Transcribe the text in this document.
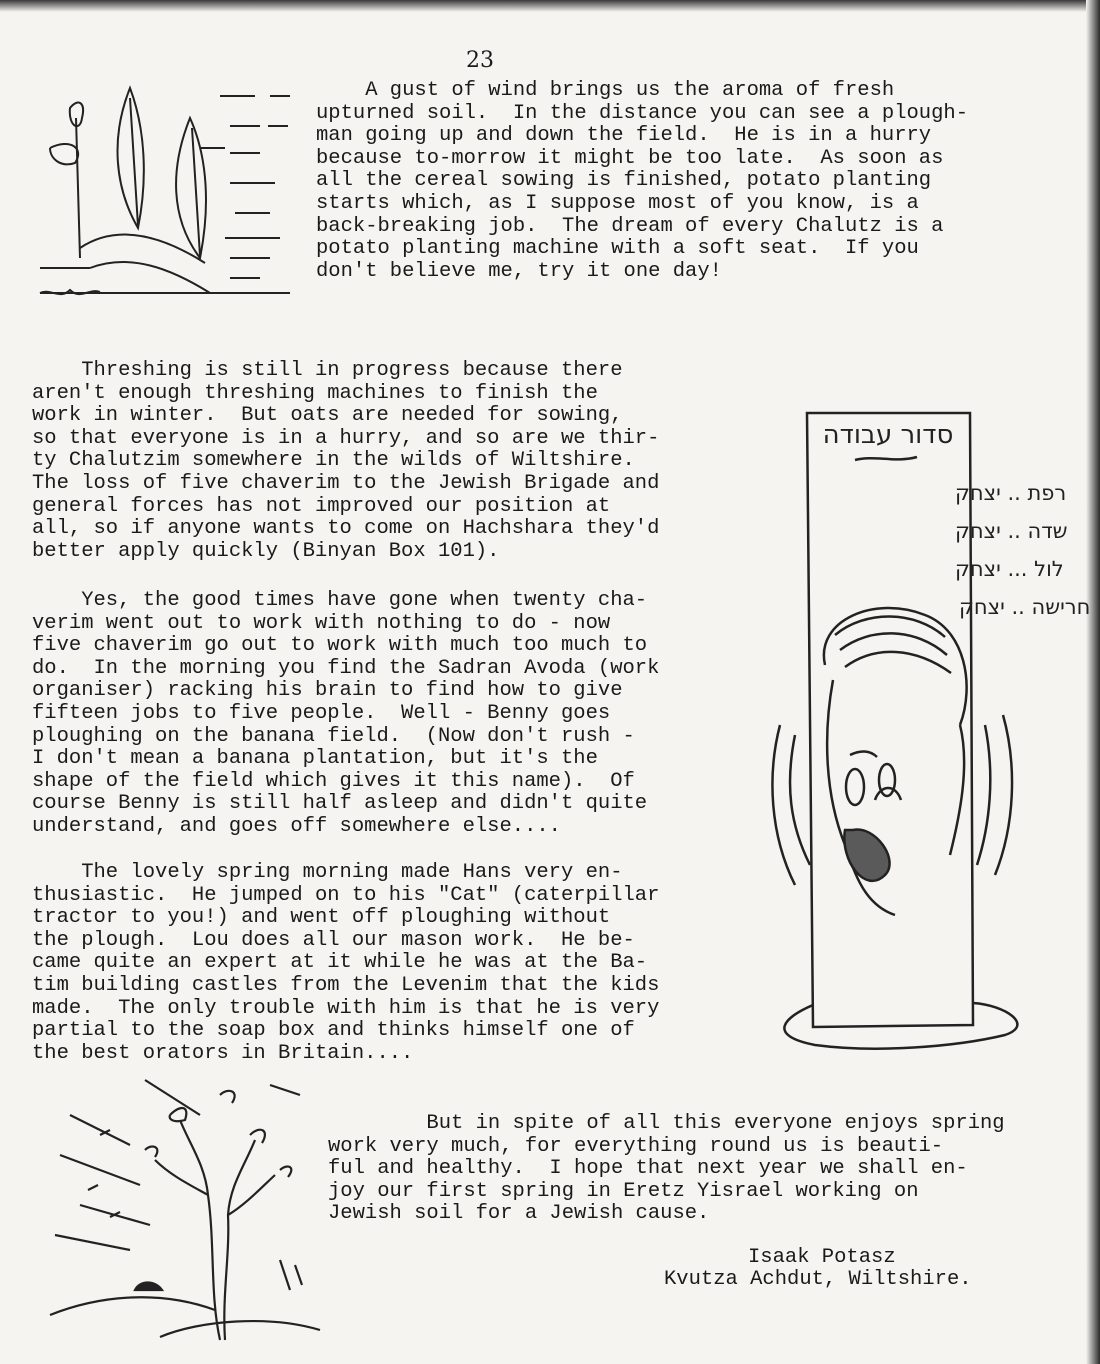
23

A gust of wind brings us the aroma of fresh

upturned soil.  In the distance you can see a plough-

man going up and down the field.  He is in a hurry

because to-morrow it might be too late.  As soon as

all the cereal sowing is finished, potato planting

starts which, as I suppose most of you know, is a

back-breaking job.  The dream of every Chalutz is a

potato planting machine with a soft seat.  If you

don't believe me, try it one day!

Threshing is still in progress because there

aren't enough threshing machines to finish the

work in winter.  But oats are needed for sowing,

so that everyone is in a hurry, and so are we thir-

ty Chalutzim somewhere in the wilds of Wiltshire.

The loss of five chaverim to the Jewish Brigade and

general forces has not improved our position at

all, so if anyone wants to come on Hachshara they'd

better apply quickly (Binyan Box 101).

Yes, the good times have gone when twenty cha-

verim went out to work with nothing to do - now

five chaverim go out to work with much too much to

do.  In the morning you find the Sadran Avoda (work

organiser) racking his brain to find how to give

fifteen jobs to five people.  Well - Benny goes

ploughing on the banana field.  (Now don't rush -

I don't mean a banana plantation, but it's the

shape of the field which gives it this name).  Of

course Benny is still half asleep and didn't quite

understand, and goes off somewhere else....

The lovely spring morning made Hans very en-

thusiastic.  He jumped on to his "Cat" (caterpillar

tractor to you!) and went off ploughing without

the plough.  Lou does all our mason work.  He be-

came quite an expert at it while he was at the Ba-

tim building castles from the Levenim that the kids

made.  The only trouble with him is that he is very

partial to the soap box and thinks himself one of

the best orators in Britain....

סדור עבודה
רפת .. יצחק
שדה .. יצחק
לול ... יצחק
חרישה .. יצחק

But in spite of all this everyone enjoys spring

work very much, for everything round us is beauti-

ful and healthy.  I hope that next year we shall en-

joy our first spring in Eretz Yisrael working on

Jewish soil for a Jewish cause.

Isaak Potasz
Kvutza Achdut, Wiltshire.
